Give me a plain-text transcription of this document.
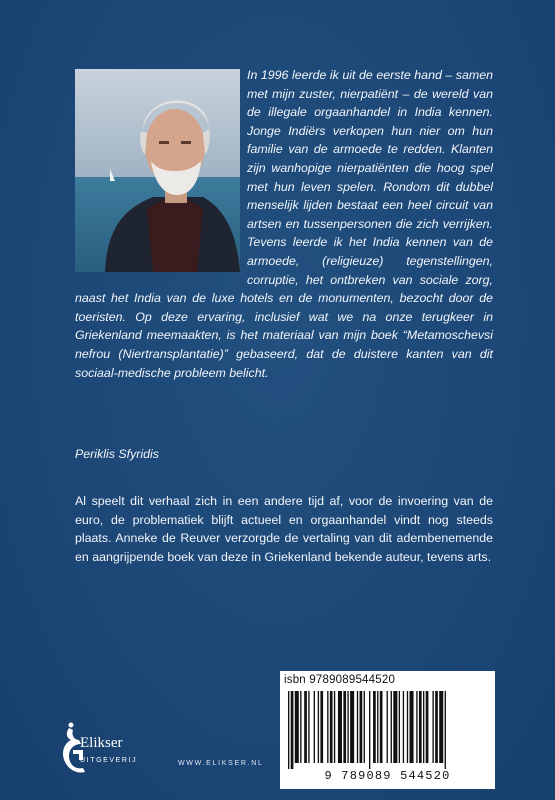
In 1996 leerde ik uit de eerste hand – samen met mijn zuster, nierpatiënt – de wereld van de illegale orgaanhandel in India kennen. Jonge Indiërs verkopen hun nier om hun familie van de armoede te redden. Klanten zijn wanhopige nierpatiënten die hoog spel met hun leven spelen. Rondom dit dubbel menselijk lijden bestaat een heel circuit van artsen en tussenpersonen die zich verrijken. Tevens leerde ik het India kennen van de armoede, (religieuze) tegenstellingen, corruptie, het ontbreken van sociale zorg, naast het India van de luxe hotels en de monumenten, bezocht door de toeristen. Op deze ervaring, inclusief wat we na onze terugkeer in Griekenland meemaakten, is het materiaal van mijn boek “Metamoschevsi nefrou (Niertransplantatie)” gebaseerd, dat de duistere kanten van dit sociaal-medische probleem belicht.

Periklis Sfyridis

Al speelt dit verhaal zich in een andere tijd af, voor de invoering van de euro, de problematiek blijft actueel en orgaanhandel vindt nog steeds plaats. Anneke de Reuver verzorgde de vertaling van dit adembenemende en aangrijpende boek van deze in Griekenland bekende auteur, tevens arts.

isbn 9789089544520
9 789089 544520
Elikser
UITGEVERIJ	WWW.ELIKSER.NL
